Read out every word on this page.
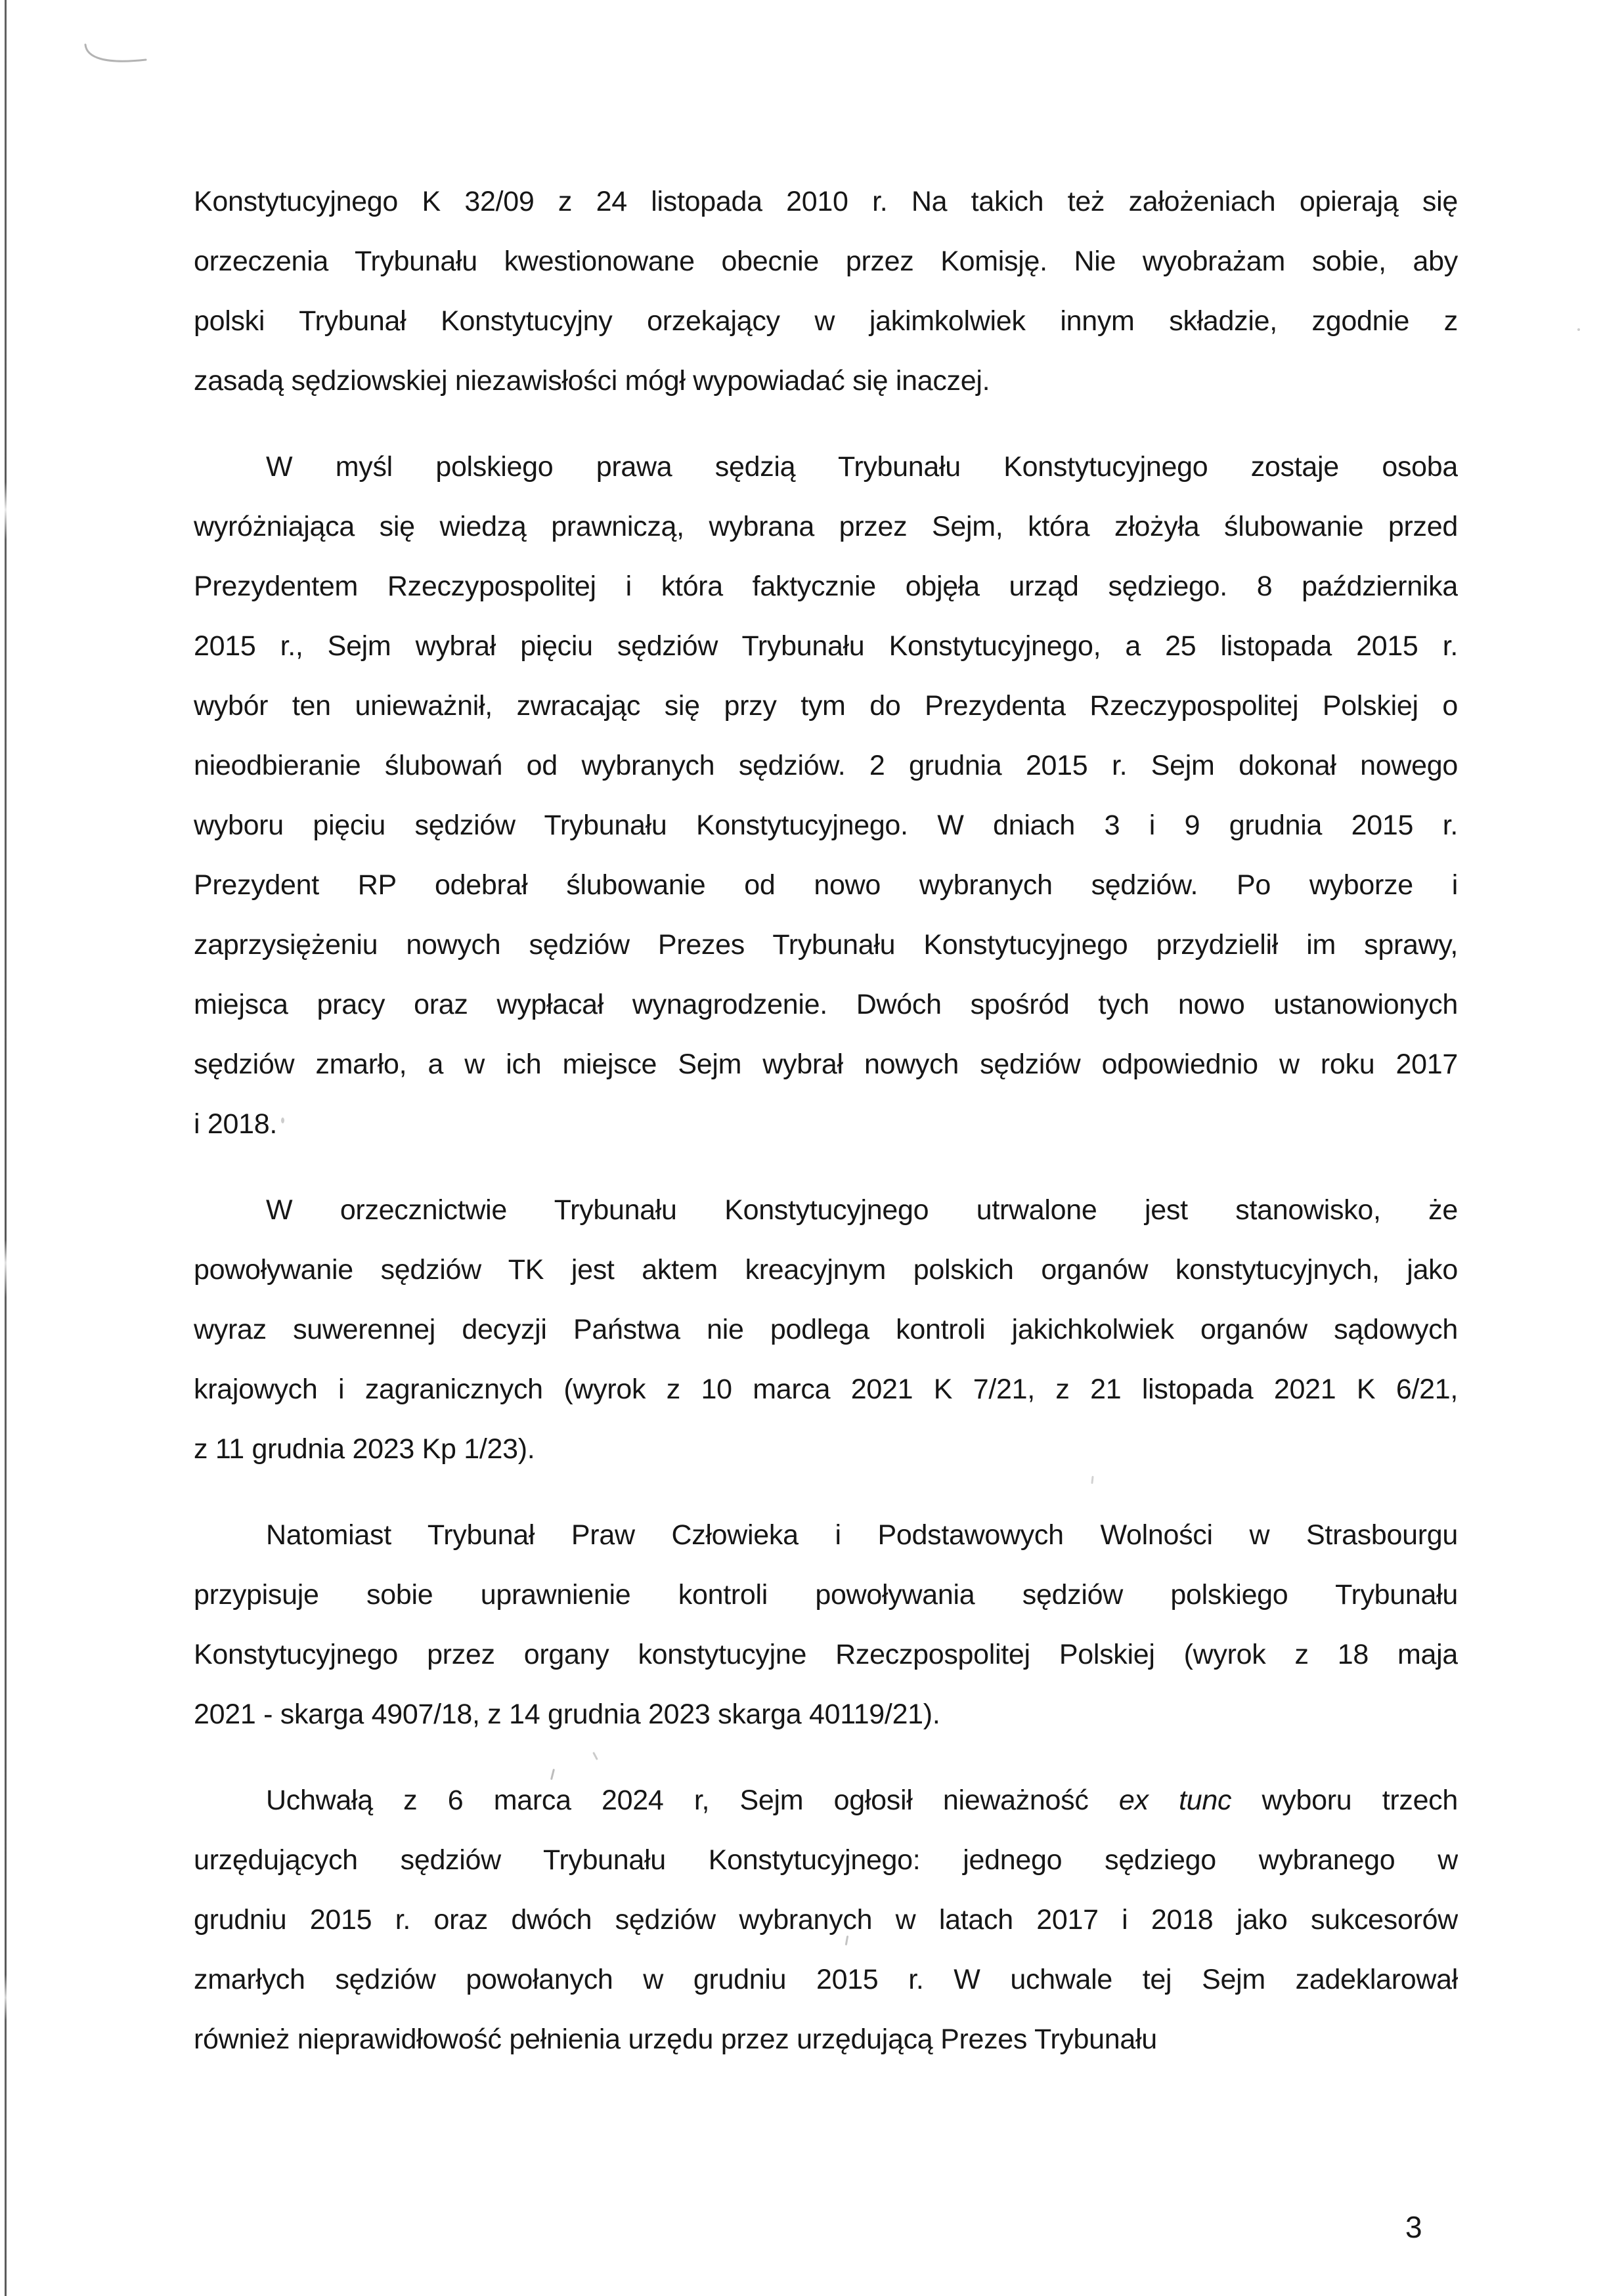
Konstytucyjnego K 32/09 z 24 listopada 2010 r. Na takich też założeniach opierają się
orzeczenia Trybunału kwestionowane obecnie przez Komisję. Nie wyobrażam sobie, aby
polski Trybunał Konstytucyjny orzekający w jakimkolwiek innym składzie, zgodnie z
zasadą sędziowskiej niezawisłości mógł wypowiadać się inaczej.
W myśl polskiego prawa sędzią Trybunału Konstytucyjnego zostaje osoba
wyróżniająca się wiedzą prawniczą, wybrana przez Sejm, która złożyła ślubowanie przed
Prezydentem Rzeczypospolitej i która faktycznie objęła urząd sędziego. 8 października
2015 r., Sejm wybrał pięciu sędziów Trybunału Konstytucyjnego, a 25 listopada 2015 r.
wybór ten unieważnił, zwracając się przy tym do Prezydenta Rzeczypospolitej Polskiej o
nieodbieranie ślubowań od wybranych sędziów. 2 grudnia 2015 r. Sejm dokonał nowego
wyboru pięciu sędziów Trybunału Konstytucyjnego. W dniach 3 i 9 grudnia 2015 r.
Prezydent RP odebrał ślubowanie od nowo wybranych sędziów. Po wyborze i
zaprzysiężeniu nowych sędziów Prezes Trybunału Konstytucyjnego przydzielił im sprawy,
miejsca pracy oraz wypłacał wynagrodzenie. Dwóch spośród tych nowo ustanowionych
sędziów zmarło, a w ich miejsce Sejm wybrał nowych sędziów odpowiednio w roku 2017
i 2018.
W orzecznictwie Trybunału Konstytucyjnego utrwalone jest stanowisko, że
powoływanie sędziów TK jest aktem kreacyjnym polskich organów konstytucyjnych, jako
wyraz suwerennej decyzji Państwa nie podlega kontroli jakichkolwiek organów sądowych
krajowych i zagranicznych (wyrok z 10 marca 2021 K 7/21, z 21 listopada 2021 K 6/21,
z 11 grudnia 2023 Kp 1/23).
Natomiast Trybunał Praw Człowieka i Podstawowych Wolności w Strasbourgu
przypisuje sobie uprawnienie kontroli powoływania sędziów polskiego Trybunału
Konstytucyjnego przez organy konstytucyjne Rzeczpospolitej Polskiej (wyrok z 18 maja
2021 - skarga 4907/18, z 14 grudnia 2023 skarga 40119/21).
Uchwałą z 6 marca 2024 r, Sejm ogłosił nieważność ex tunc wyboru trzech
urzędujących sędziów Trybunału Konstytucyjnego: jednego sędziego wybranego w
grudniu 2015 r. oraz dwóch sędziów wybranych w latach 2017 i 2018 jako sukcesorów
zmarłych sędziów powołanych w grudniu 2015 r. W uchwale tej Sejm zadeklarował
również nieprawidłowość pełnienia urzędu przez urzędującą Prezes Trybunału
3
